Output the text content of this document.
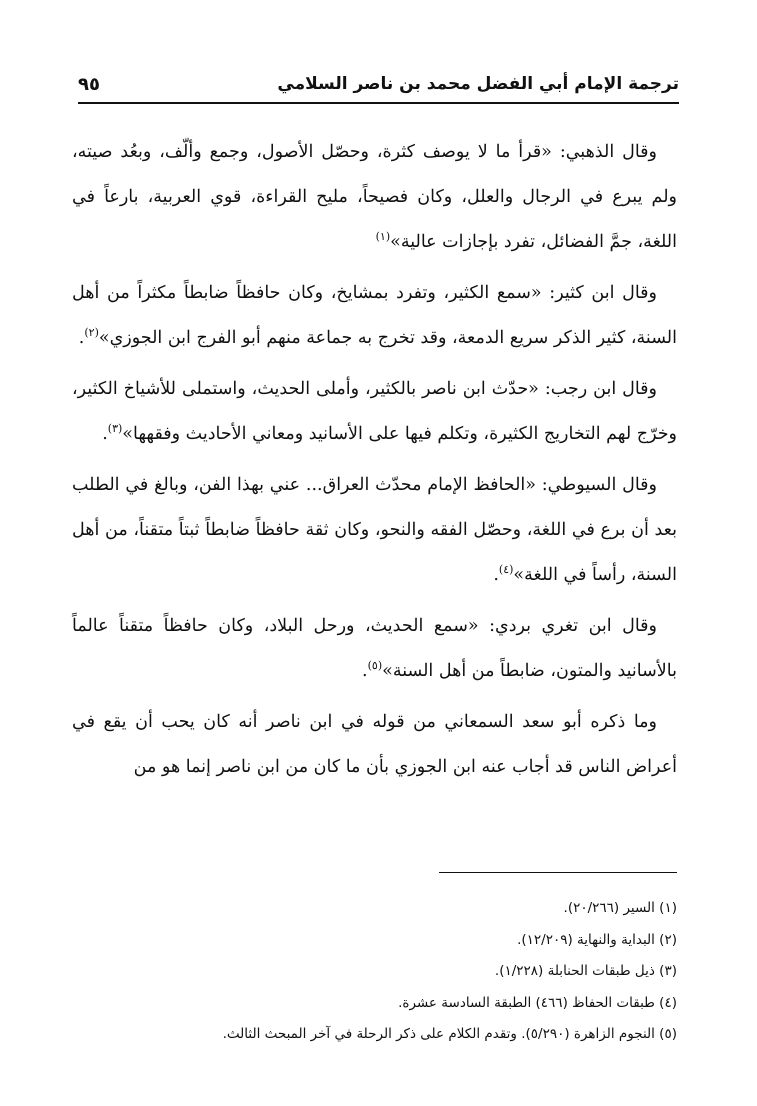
ترجمة الإمام أبي الفضل محمد بن ناصر السلامي
٩٥

وقال الذهبي: «قرأ ما لا يوصف كثرة، وحصّل الأصول، وجمع وألّف، وبعُد صيته، ولم يبرع في الرجال والعلل، وكان فصيحاً، مليح القراءة، قوي العربية، بارعاً في اللغة، جمَّ الفضائل، تفرد بإجازات عالية»$^{(١)}$

وقال ابن كثير: «سمع الكثير، وتفرد بمشايخ، وكان حافظاً ضابطاً مكثراً من أهل السنة، كثير الذكر سريع الدمعة، وقد تخرج به جماعة منهم أبو الفرج ابن الجوزي»$^{(٢)}$.

وقال ابن رجب: «حدّث ابن ناصر بالكثير، وأملى الحديث، واستملى للأشياخ الكثير، وخرّج لهم التخاريج الكثيرة، وتكلم فيها على الأسانيد ومعاني الأحاديث وفقهها»$^{(٣)}$.

وقال السيوطي: «الحافظ الإمام محدّث العراق... عني بهذا الفن، وبالغ في الطلب بعد أن برع في اللغة، وحصّل الفقه والنحو، وكان ثقة حافظاً ضابطاً ثبتاً متقناً، من أهل السنة، رأساً في اللغة»$^{(٤)}$.

وقال ابن تغري بردي: «سمع الحديث، ورحل البلاد، وكان حافظاً متقناً عالماً بالأسانيد والمتون، ضابطاً من أهل السنة»$^{(٥)}$.

وما ذكره أبو سعد السمعاني من قوله في ابن ناصر أنه كان يحب أن يقع في أعراض الناس قد أجاب عنه ابن الجوزي بأن ما كان من ابن ناصر إنما هو من

(١) السير (٢٠/٢٦٦).
(٢) البداية والنهاية (١٢/٢٠٩).
(٣) ذيل طبقات الحنابلة (١/٢٢٨).
(٤) طبقات الحفاظ (٤٦٦) الطبقة السادسة عشرة.
(٥) النجوم الزاهرة (٥/٢٩٠). وتقدم الكلام على ذكر الرحلة في آخر المبحث الثالث.
